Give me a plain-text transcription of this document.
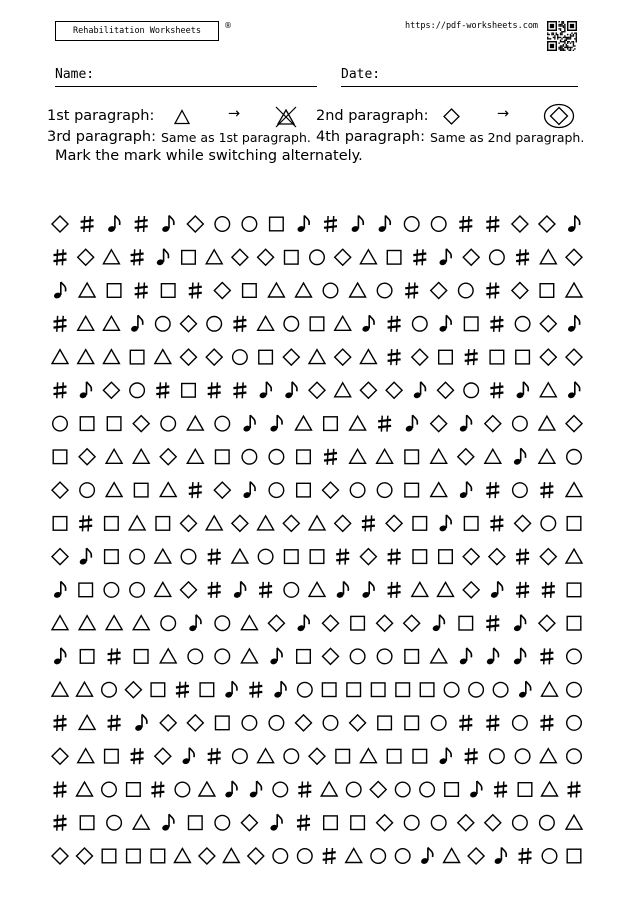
Rehabilitation Worksheets
®	https://pdf-worksheets.com
Name:	Date:
1st paragraph:	→	2nd paragraph:	→
3rd paragraph: Same as 1st paragraph. 4th paragraph: Same as 2nd paragraph.
Mark the mark while switching alternately.
